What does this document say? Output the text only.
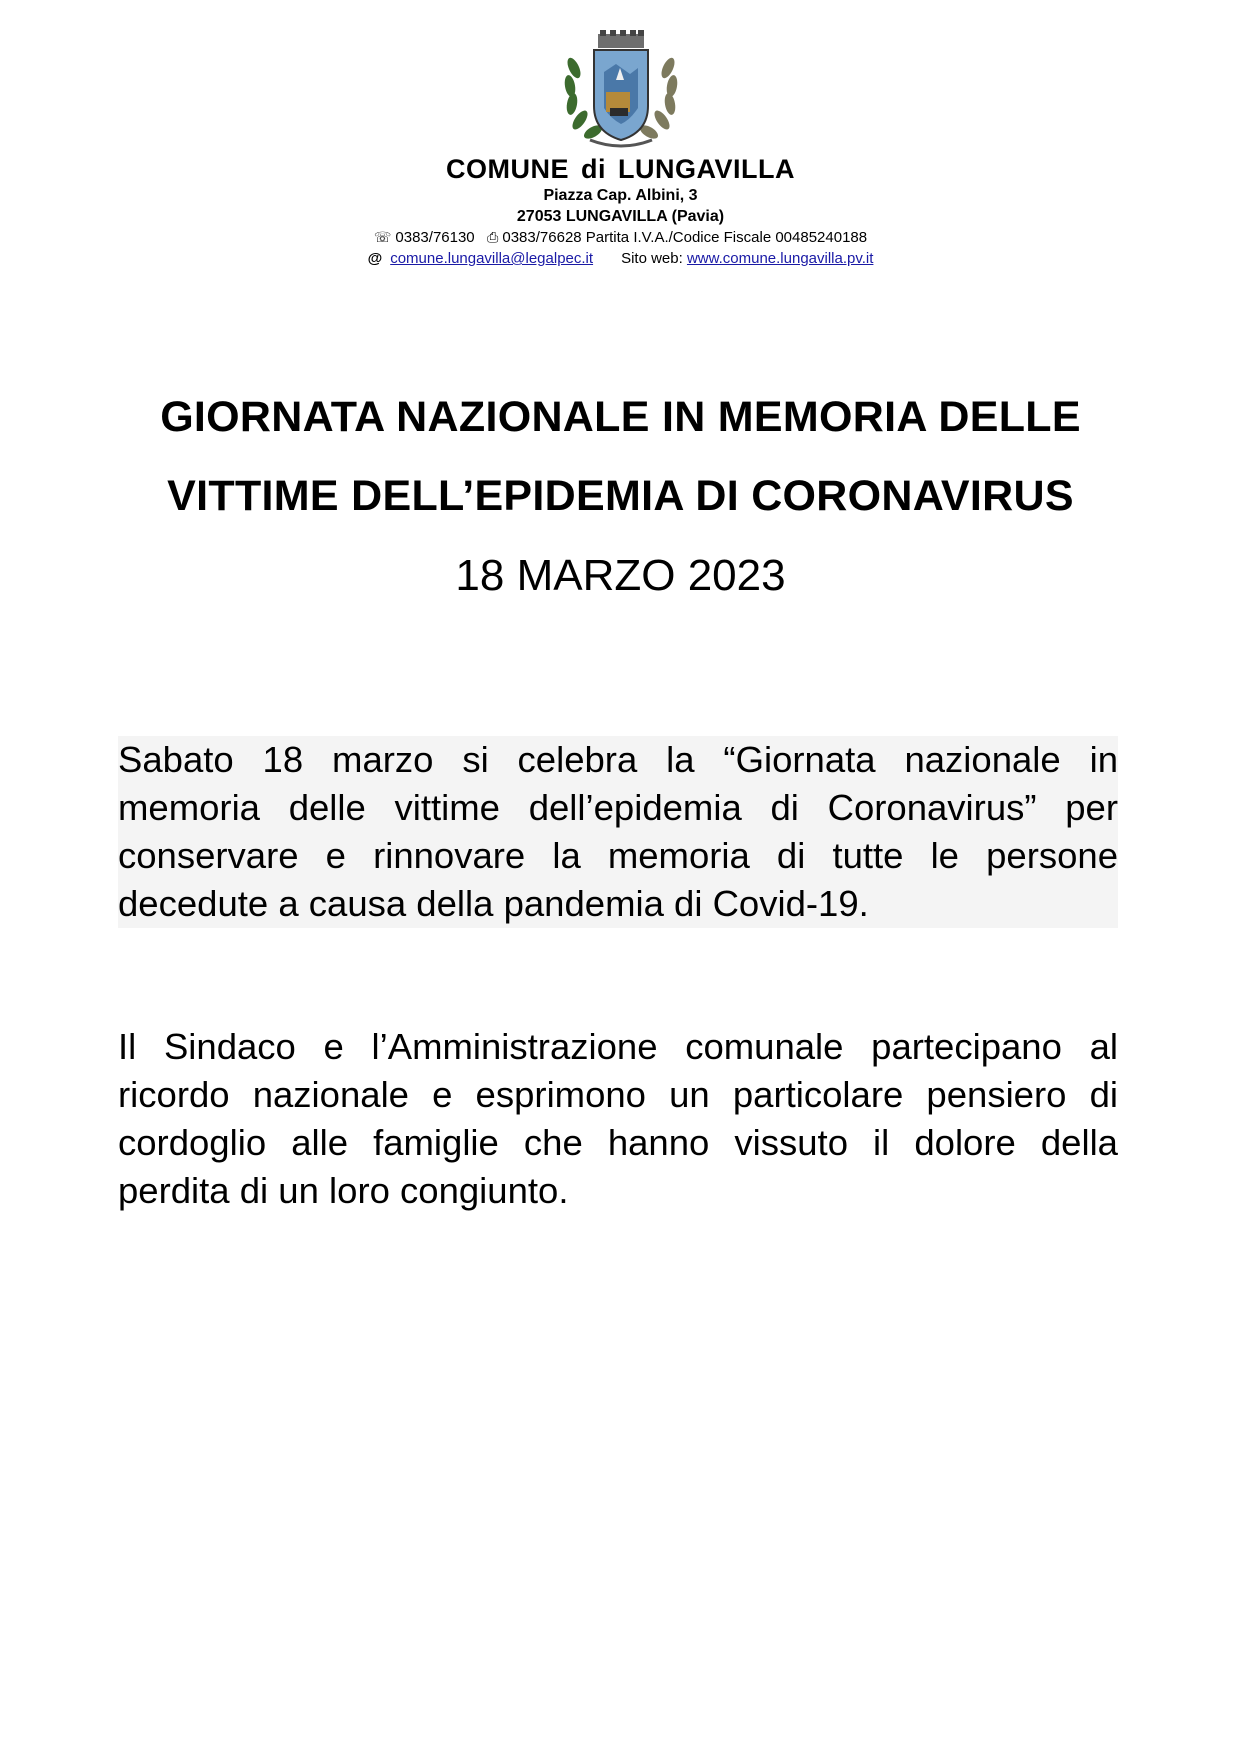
COMUNE di LUNGAVILLA
Piazza Cap. Albini, 3
27053 LUNGAVILLA (Pavia)
☏ 0383/76130 ⎙ 0383/76628 Partita I.V.A./Codice Fiscale 00485240188
@ comune.lungavilla@legalpec.it Sito web: www.comune.lungavilla.pv.it
GIORNATA NAZIONALE IN MEMORIA DELLE
VITTIME DELL’EPIDEMIA DI CORONAVIRUS
18 MARZO 2023
Sabato 18 marzo si celebra la “Giornata nazionale in memoria delle vittime dell’epidemia di Coronavirus” per conservare e rinnovare la memoria di tutte le persone decedute a causa della pandemia di Covid-19.
Il Sindaco e l’Amministrazione comunale partecipano al ricordo nazionale e esprimono un particolare pensiero di cordoglio alle famiglie che hanno vissuto il dolore della perdita di un loro congiunto.
